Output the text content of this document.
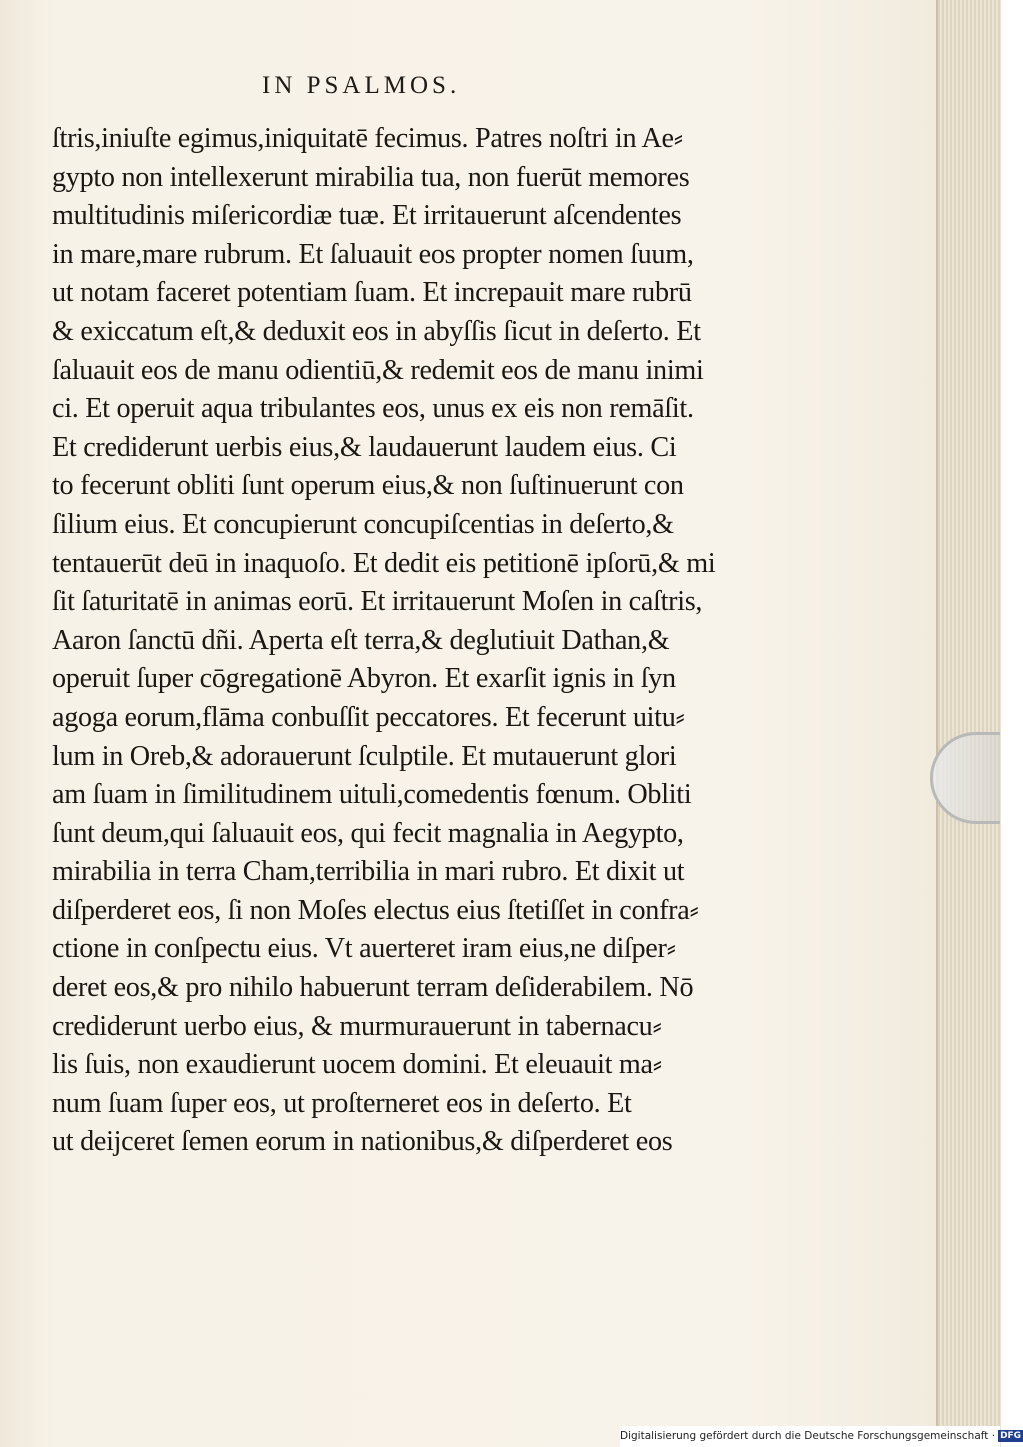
IN PSALMOS.
ſtris,iniuſte egimus,iniquitatē fecimus. Patres noſtri in Ae⸗
gypto non intellexerunt mirabilia tua, non fuerūt memores
multitudinis miſericordiæ tuæ. Et irritauerunt aſcendentes
in mare,mare rubrum. Et ſaluauit eos propter nomen ſuum,
ut notam faceret potentiam ſuam. Et increpauit mare rubrū
& exiccatum eſt,& deduxit eos in abyſſis ſicut in deſerto. Et
ſaluauit eos de manu odientiū,& redemit eos de manu inimi
ci. Et operuit aqua tribulantes eos, unus ex eis non remāſit.
Et crediderunt uerbis eius,& laudauerunt laudem eius. Ci
to fecerunt obliti ſunt operum eius,& non ſuſtinuerunt con
ſilium eius. Et concupierunt concupiſcentias in deſerto,&
tentauerūt deū in inaquoſo. Et dedit eis petitionē ipſorū,& mi
ſit ſaturitatē in animas eorū. Et irritauerunt Moſen in caſtris,
Aaron ſanctū dñi. Aperta eſt terra,& deglutiuit Dathan,&
operuit ſuper cōgregationē Abyron. Et exarſit ignis in ſyn
agoga eorum,flāma conbuſſit peccatores. Et fecerunt uitu⸗
lum in Oreb,& adorauerunt ſculptile. Et mutauerunt glori
am ſuam in ſimilitudinem uituli,comedentis fœnum. Obliti
ſunt deum,qui ſaluauit eos, qui fecit magnalia in Aegypto,
mirabilia in terra Cham,terribilia in mari rubro. Et dixit ut
diſperderet eos, ſi non Moſes electus eius ſtetiſſet in confra⸗
ctione in conſpectu eius. Vt auerteret iram eius,ne diſper⸗
deret eos,& pro nihilo habuerunt terram deſiderabilem. Nō
crediderunt uerbo eius, & murmurauerunt in tabernacu⸗
lis ſuis, non exaudierunt uocem domini. Et eleuauit ma⸗
num ſuam ſuper eos, ut proſterneret eos in deſerto. Et
ut deijceret ſemen eorum in nationibus,& diſperderet eos
Digitalisierung gefördert durch die Deutsche Forschungsgemeinschaft · DFG
